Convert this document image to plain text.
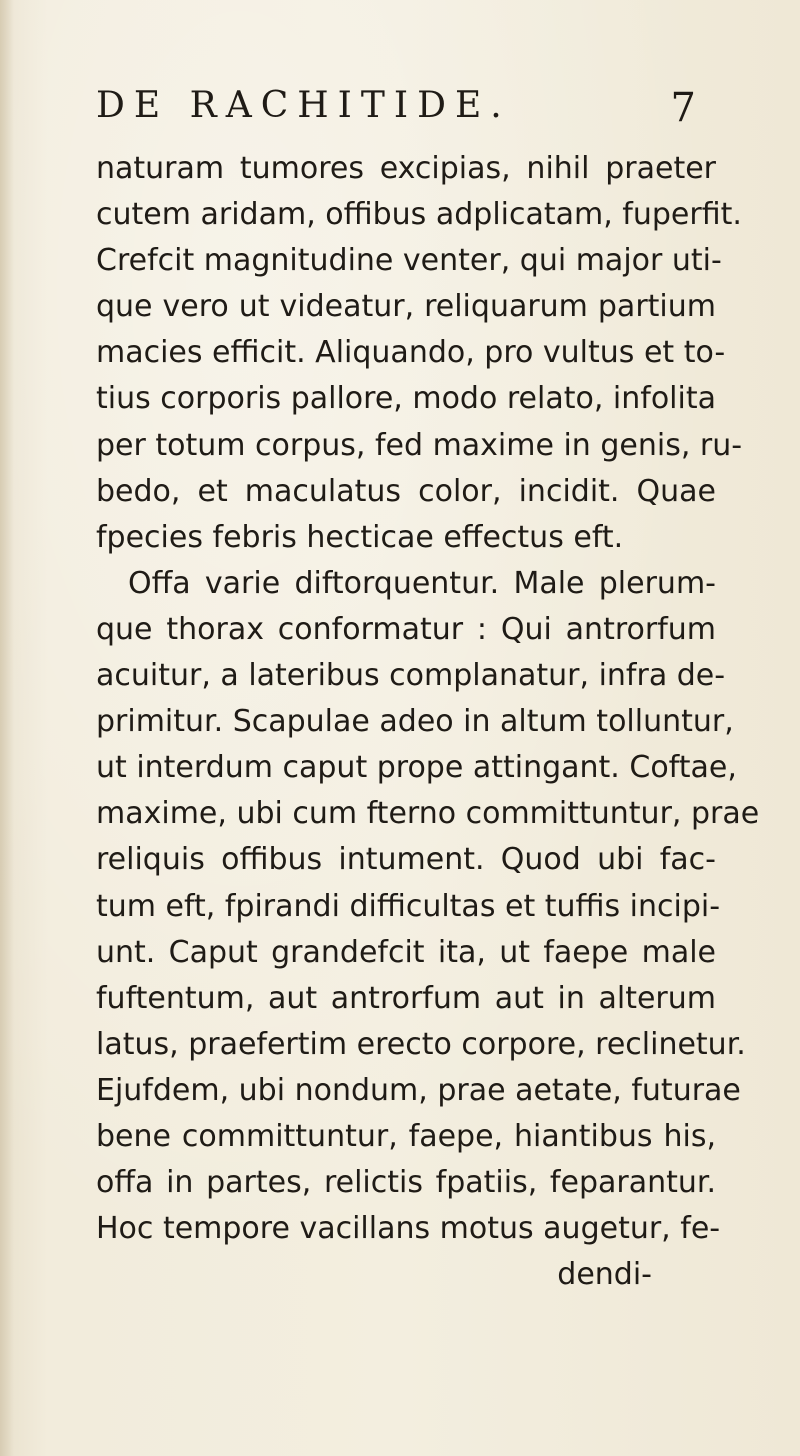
DE RACHITIDE.	7
naturam tumores excipias, nihil praeter
cutem aridam, offibus adplicatam, fuperfit.
Crefcit magnitudine venter, qui major uti-
que vero ut videatur, reliquarum partium
macies efficit. Aliquando, pro vultus et to-
tius corporis pallore, modo relato, infolita
per totum corpus, fed maxime in genis, ru-
bedo, et maculatus color, incidit. Quae
fpecies febris hecticae effectus eft.
Offa varie diftorquentur. Male plerum-
que thorax conformatur : Qui antrorfum
acuitur, a lateribus complanatur, infra de-
primitur. Scapulae adeo in altum tolluntur,
ut interdum caput prope attingant. Coftae,
maxime, ubi cum fterno committuntur, prae
reliquis offibus intument. Quod ubi fac-
tum eft, fpirandi difficultas et tuffis incipi-
unt. Caput grandefcit ita, ut faepe male
fuftentum, aut antrorfum aut in alterum
latus, praefertim erecto corpore, reclinetur.
Ejufdem, ubi nondum, prae aetate, futurae
bene committuntur, faepe, hiantibus his,
offa in partes, relictis fpatiis, feparantur.
Hoc tempore vacillans motus augetur, fe-
dendi-
